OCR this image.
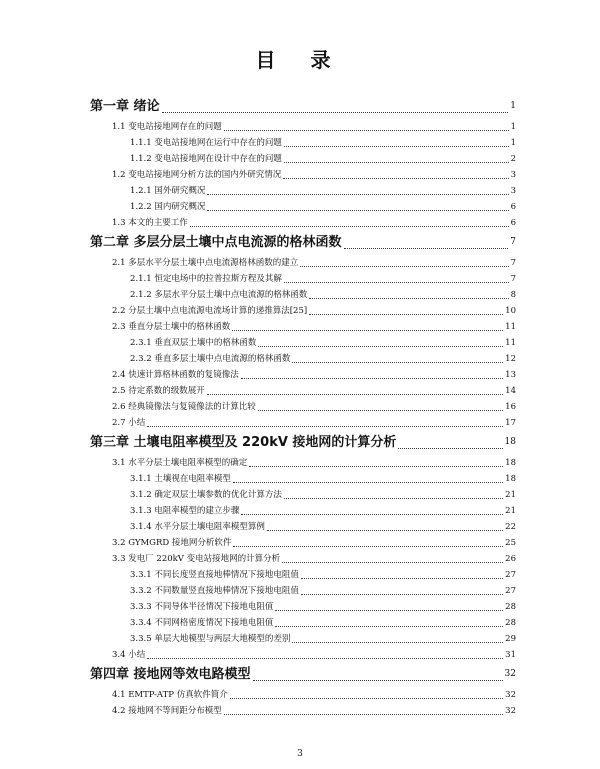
目 录
第一章 绪论	1
1.1 变电站接地网存在的问题	1
1.1.1 变电站接地网在运行中存在的问题	1
1.1.2 变电站接地网在设计中存在的问题	2
1.2 变电站接地网分析方法的国内外研究情况	3
1.2.1 国外研究概况	3
1.2.2 国内研究概况	6
1.3 本文的主要工作	6
第二章 多层分层土壤中点电流源的格林函数	7
2.1 多层水平分层土壤中点电流源格林函数的建立	7
2.1.1 恒定电场中的拉普拉斯方程及其解	7
2.1.2 多层水平分层土壤中点电流源的格林函数	8
2.2 分层土壤中点电流源电流场计算的递推算法[25]	10
2.3 垂直分层土壤中的格林函数	11
2.3.1 垂直双层土壤中的格林函数	11
2.3.2 垂直多层土壤中点电流源的格林函数	12
2.4 快速计算格林函数的复镜像法	13
2.5 待定系数的级数展开	14
2.6 经典镜像法与复镜像法的计算比较	16
2.7 小结	17
第三章 土壤电阻率模型及 220kV 接地网的计算分析	18
3.1 水平分层土壤电阻率模型的确定	18
3.1.1 土壤视在电阻率模型	18
3.1.2 确定双层土壤参数的优化计算方法	21
3.1.3 电阻率模型的建立步骤	21
3.1.4 水平分层土壤电阻率模型算例	22
3.2 GYMGRD 接地网分析软件	25
3.3 发电厂 220kV 变电站接地网的计算分析	26
3.3.1 不同长度竖直接地棒情况下接地电阻值	27
3.3.2 不同数量竖直接地棒情况下接地电阻值	27
3.3.3 不同导体半径情况下接地电阻值	28
3.3.4 不同网格密度情况下接地电阻值	28
3.3.5 单层大地模型与两层大地模型的差别	29
3.4 小结	31
第四章 接地网等效电路模型	32
4.1 EMTP-ATP 仿真软件简介	32
4.2 接地网不等间距分布模型	32
3
